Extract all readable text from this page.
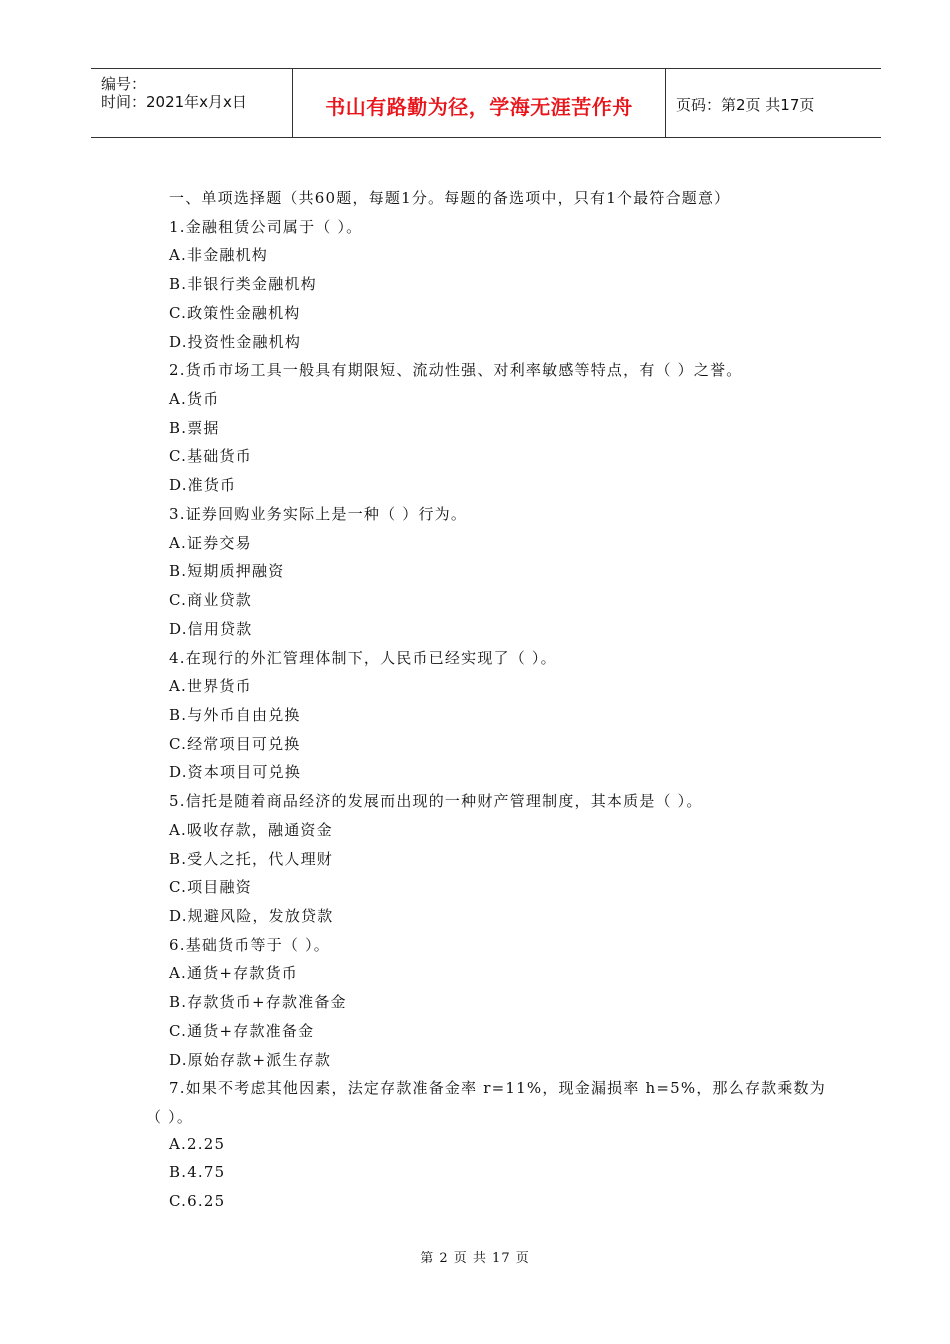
编号：
时间：2021年x月x日	书山有路勤为径，学海无涯苦作舟	页码：第2页 共17页
一、单项选择题（共60题，每题1分。每题的备选项中，只有1个最符合题意）
1.金融租赁公司属于（ ）。
A.非金融机构
B.非银行类金融机构
C.政策性金融机构
D.投资性金融机构
2.货币市场工具一般具有期限短、流动性强、对利率敏感等特点，有（ ）之誉。
A.货币
B.票据
C.基础货币
D.准货币
3.证券回购业务实际上是一种（ ）行为。
A.证券交易
B.短期质押融资
C.商业贷款
D.信用贷款
4.在现行的外汇管理体制下，人民币已经实现了（ ）。
A.世界货币
B.与外币自由兑换
C.经常项目可兑换
D.资本项目可兑换
5.信托是随着商品经济的发展而出现的一种财产管理制度，其本质是（ ）。
A.吸收存款，融通资金
B.受人之托，代人理财
C.项目融资
D.规避风险，发放贷款
6.基础货币等于（ ）。
A.通货+存款货币
B.存款货币+存款准备金
C.通货+存款准备金
D.原始存款+派生存款
7.如果不考虑其他因素，法定存款准备金率 r=11%，现金漏损率 h=5%，那么存款乘数为
（ ）。
A.2.25
B.4.75
C.6.25
第 2 页 共 17 页
